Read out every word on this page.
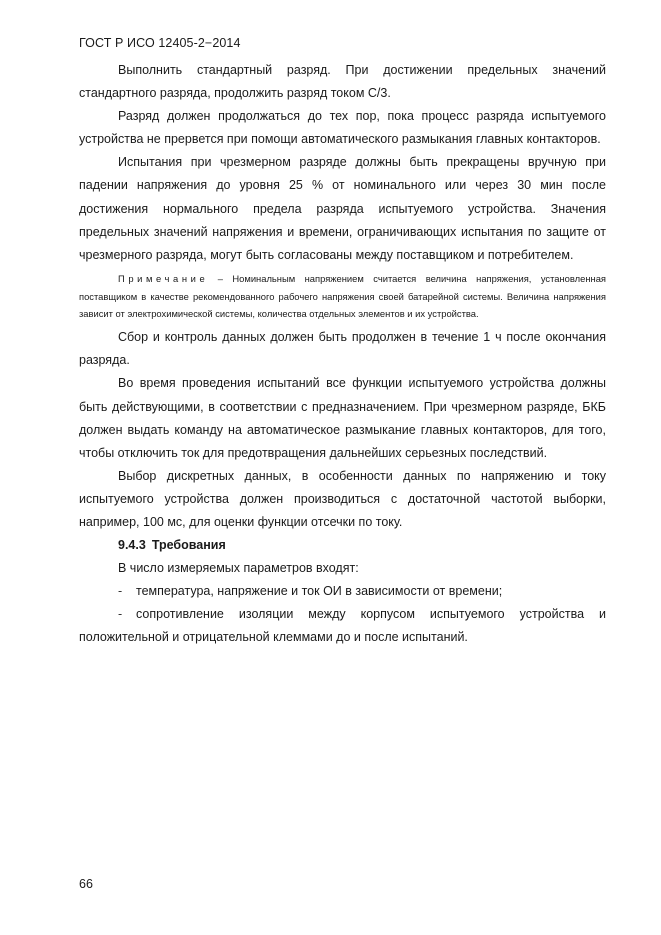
ГОСТ Р ИСО 12405-2−2014

Выполнить стандартный разряд. При достижении предельных значений стандартного разряда, продолжить разряд током C/3.

Разряд должен продолжаться до тех пор, пока процесс разряда испытуемого устройства не прервется при помощи автоматического размыкания главных контакторов.

Испытания при чрезмерном разряде должны быть прекращены вручную при падении напряжения до уровня 25 % от номинального или через 30 мин после достижения нормального предела разряда испытуемого устройства. Значения предельных значений напряжения и времени, ограничивающих испытания по защите от чрезмерного разряда, могут быть согласованы между поставщиком и потребителем.

Примечание – Номинальным напряжением считается величина напряжения, установленная поставщиком в качестве рекомендованного рабочего напряжения своей батарейной системы. Величина напряжения зависит от электрохимической системы, количества отдельных элементов и их устройства.

Сбор и контроль данных должен быть продолжен в течение 1 ч после окончания разряда.

Во время проведения испытаний все функции испытуемого устройства должны быть действующими, в соответствии с предназначением. При чрезмерном разряде, БКБ должен выдать команду на автоматическое размыкание главных контакторов, для того, чтобы отключить ток для предотвращения дальнейших серьезных последствий.

Выбор дискретных данных, в особенности данных по напряжению и току испытуемого устройства должен производиться с достаточной частотой выборки, например, 100 мс, для оценки функции отсечки по току.

9.4.3 Требования

В число измеряемых параметров входят:

- температура, напряжение и ток ОИ в зависимости от времени;

- сопротивление изоляции между корпусом испытуемого устройства и положительной и отрицательной клеммами до и после испытаний.

66
